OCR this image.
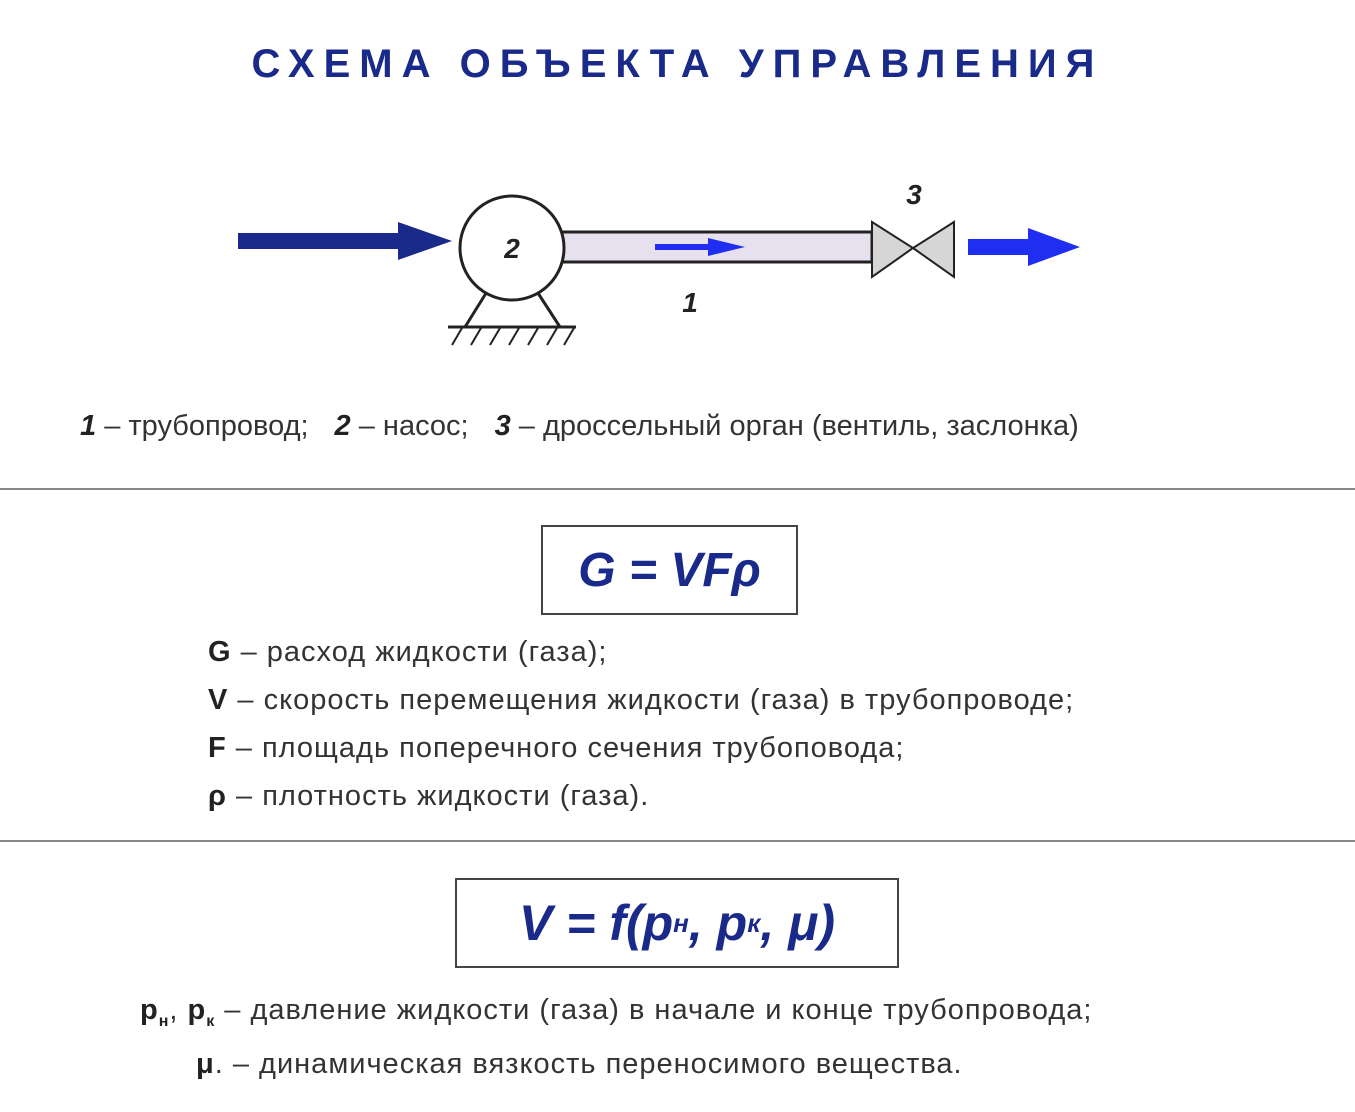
СХЕМА ОБЪЕКТА УПРАВЛЕНИЯ
2
1
3
1 – трубопровод; 2 – насос; 3 – дроссельный орган (вентиль, заслонка)
G = VFρ
G – расход жидкости (газа);
V – скорость перемещения жидкости (газа) в трубопроводе;
F – площадь поперечного сечения трубоповода;
ρ – плотность жидкости (газа).
V = f(p н , p к , μ)
$p_н$, $p_к$ – давление жидкости (газа) в начале и конце трубопровода;
μ. – динамическая вязкость переносимого вещества.
